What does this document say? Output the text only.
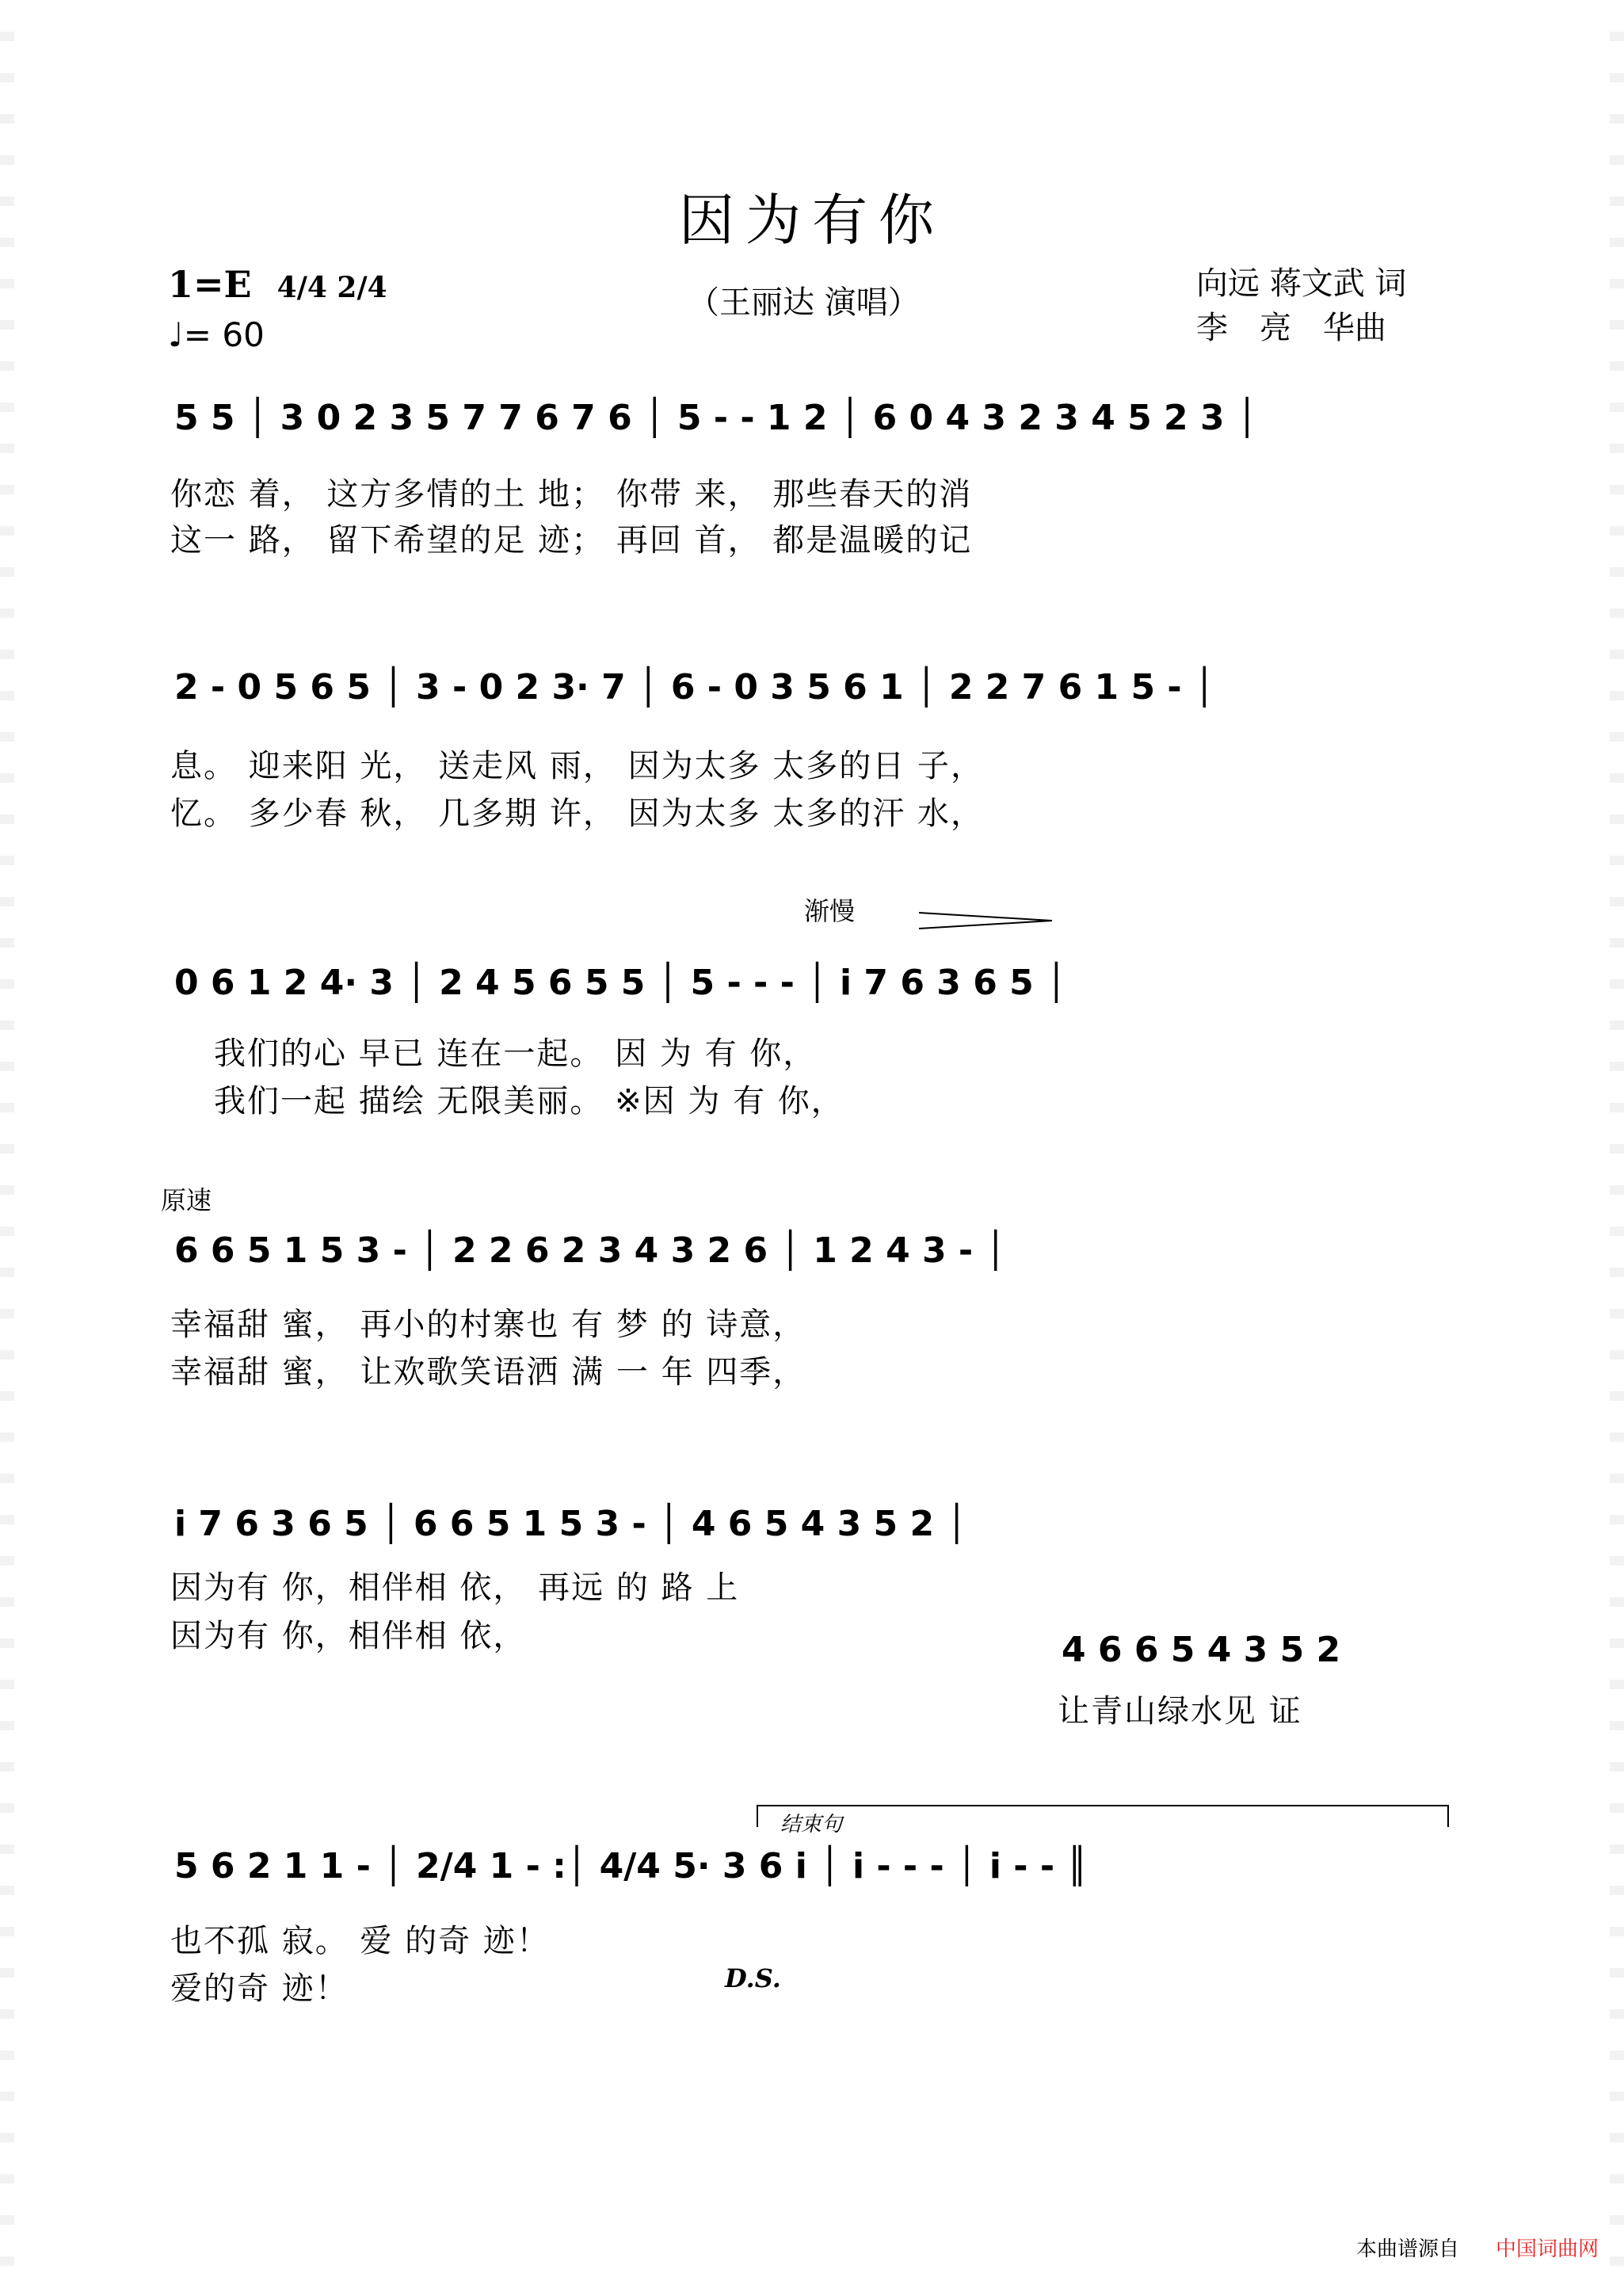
因为有你
1=E 4/4 2/4
♩= 60
（王丽达 演唱）
向远 蒋文武 词
李　亮　华曲
5 5 │ 3 0 2 3 5 7 7 6 7 6 │ 5 - - 1 2 │ 6 0 4 3 2 3 4 5 2 3 │
你恋 着， 这方多情的土 地； 你带 来， 那些春天的消
这一 路， 留下希望的足 迹； 再回 首， 都是温暖的记
2 - 0 5 6 5 │ 3 - 0 2 3· 7 │ 6 - 0 3 5 6 1 │ 2 2 7 6 1 5 - │
息。 迎来阳 光， 送走风 雨， 因为太多 太多的日 子，
忆。 多少春 秋， 几多期 许， 因为太多 太多的汗 水，
渐慢
0 6 1 2 4· 3 │ 2 4 5 6 5 5 │ 5 - - - │ i 7 6 3 6 5 │
我们的心 早已 连在一起。 因 为 有 你，
我们一起 描绘 无限美丽。 ※因 为 有 你，
原速
6 6 5 1 5 3 - │ 2 2 6 2 3 4 3 2 6 │ 1 2 4 3 - │
幸福甜 蜜， 再小的村寨也 有 梦 的 诗意，
幸福甜 蜜， 让欢歌笑语洒 满 一 年 四季，
i 7 6 3 6 5 │ 6 6 5 1 5 3 - │ 4 6 5 4 3 5 2 │
因为有 你，相伴相 依， 再远 的 路 上
因为有 你，相伴相 依，	4 6 6 5 4 3 5 2
让青山绿水见 证
结束句
5 6 2 1 1 - │ 2/4 1 - :│ 4/4 5· 3 6 i │ i - - - │ i - - ║
也不孤 寂。 爱 的奇 迹！
爱的奇 迹！	D.S.
本曲谱源自 中国词曲网
